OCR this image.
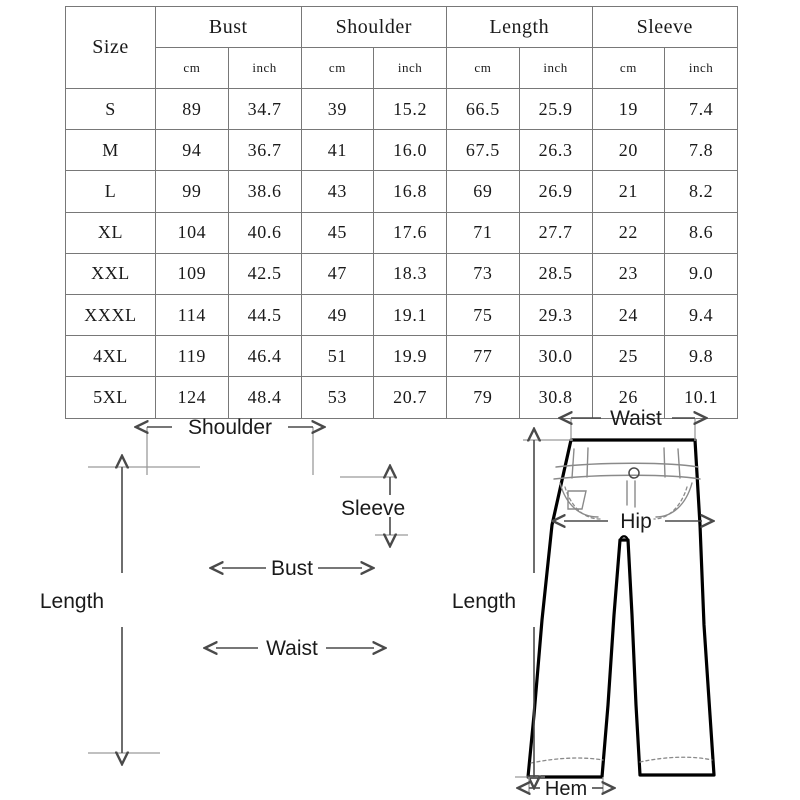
Size	Bust		Shoulder		Length		Sleeve	
	cm	inch	cm	inch	cm	inch	cm	inch
S	89	34.7	39	15.2	66.5	25.9	19	7.4
M	94	36.7	41	16.0	67.5	26.3	20	7.8
L	99	38.6	43	16.8	69	26.9	21	8.2
XL	104	40.6	45	17.6	71	27.7	22	8.6
XXL	109	42.5	47	18.3	73	28.5	23	9.0
XXXL	114	44.5	49	19.1	75	29.3	24	9.4
4XL	119	46.4	51	19.9	77	30.0	25	9.8
5XL	124	48.4	53	20.7	79	30.8	26	10.1
Shoulder
Sleeve
Bust
Waist
Length
Waist
Hip
Length
Hem
